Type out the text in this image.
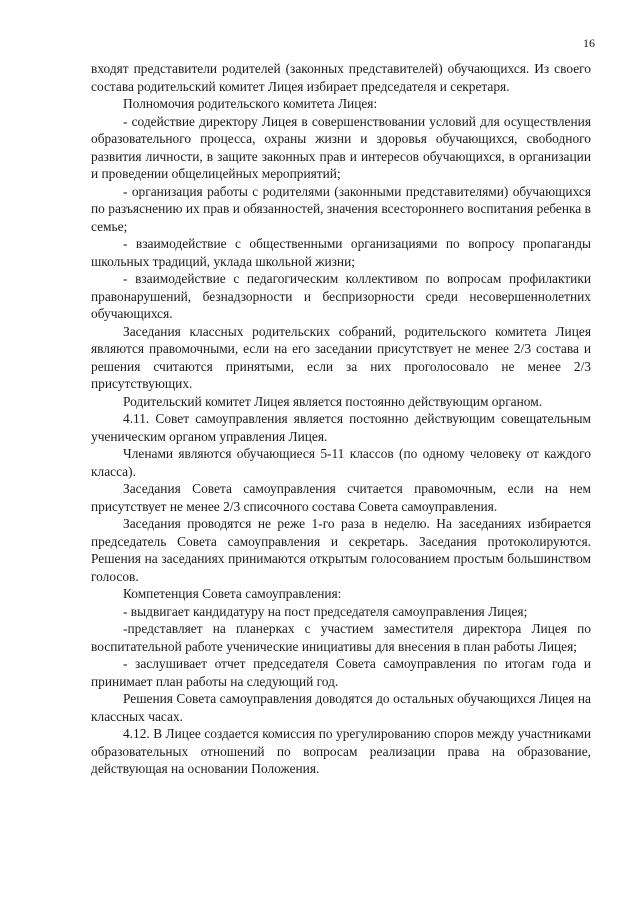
16

входят представители родителей (законных представителей) обучающихся. Из своего состава родительский комитет Лицея избирает председателя и секретаря.

Полномочия родительского комитета Лицея:

- содействие директору Лицея в совершенствовании условий для осуществления образовательного процесса, охраны жизни и здоровья обучающихся, свободного развития личности, в защите законных прав и интересов обучающихся, в организации и проведении общелицейных мероприятий;

- организация работы с родителями (законными представителями) обучающихся по разъяснению их прав и обязанностей, значения всестороннего воспитания ребенка в семье;

- взаимодействие с общественными организациями по вопросу пропаганды школьных традиций, уклада школьной жизни;

- взаимодействие с педагогическим коллективом по вопросам профилактики правонарушений, безнадзорности и беспризорности среди несовершеннолетних обучающихся.

Заседания классных родительских собраний, родительского комитета Лицея являются правомочными, если на его заседании присутствует не менее 2/3 состава и решения считаются принятыми, если за них проголосовало не менее 2/3 присутствующих.

Родительский комитет Лицея является постоянно действующим органом.

4.11. Совет самоуправления является постоянно действующим совещательным ученическим органом управления Лицея.

Членами являются обучающиеся 5-11 классов (по одному человеку от каждого класса).

Заседания Совета самоуправления считается правомочным, если на нем присутствует не менее 2/3 списочного состава Совета самоуправления.

Заседания проводятся не реже 1-го раза в неделю. На заседаниях избирается председатель Совета самоуправления и секретарь. Заседания протоколируются. Решения на заседаниях принимаются открытым голосованием простым большинством голосов.

Компетенция Совета самоуправления:

- выдвигает кандидатуру на пост председателя самоуправления Лицея;

-представляет на планерках с участием заместителя директора Лицея по воспитательной работе ученические инициативы для внесения в план работы Лицея;

- заслушивает отчет председателя Совета самоуправления по итогам года и принимает план работы на следующий год.

Решения Совета самоуправления доводятся до остальных обучающихся Лицея на классных часах.

4.12. В Лицее создается комиссия по урегулированию споров между участниками образовательных отношений по вопросам реализации права на образование, действующая на основании Положения.
